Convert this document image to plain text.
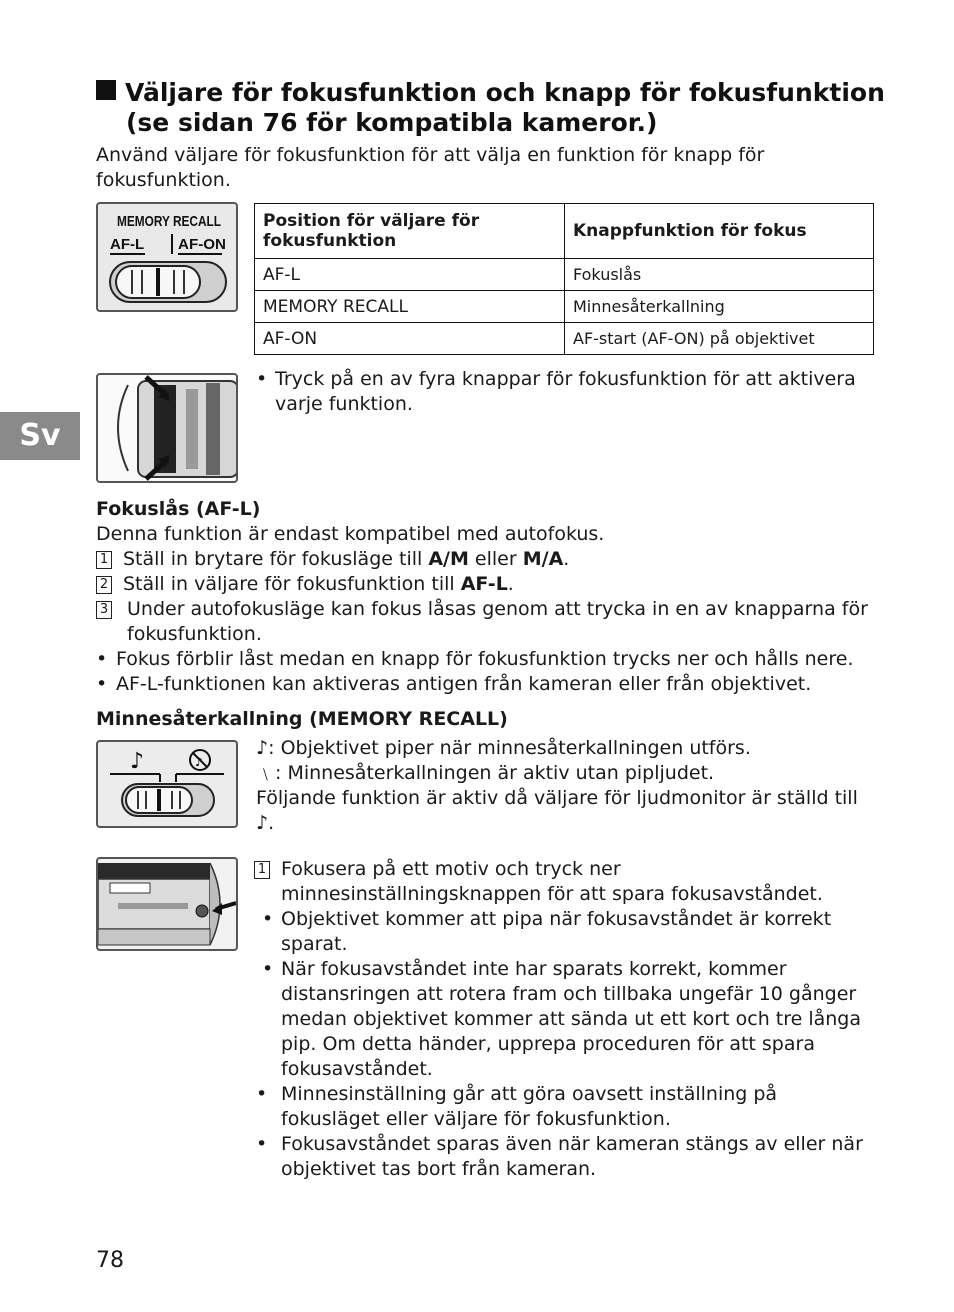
Väljare för fokusfunktion och knapp för fokusfunktion
(se sidan 76 för kompatibla kameror.)
Använd väljare för fokusfunktion för att välja en funktion för knapp för fokusfunktion.
Sv
MEMORY RECALL
AF-L AF-ON
Position för väljare för fokusfunktion	Knappfunktion för fokus
AF-L	Fokuslås
MEMORY RECALL	Minnesåterkallning
AF-ON	AF-start (AF-ON) på objektivet
• Tryck på en av fyra knappar för fokusfunktion för att aktivera varje funktion.
Fokuslås (AF-L)
Denna funktion är endast kompatibel med autofokus.
1 Ställ in brytare för fokusläge till A/M eller M/A.
2 Ställ in väljare för fokusfunktion till AF-L.
3 Under autofokusläge kan fokus låsas genom att trycka in en av knapparna för fokusfunktion.
• Fokus förblir låst medan en knapp för fokusfunktion trycks ner och hålls nere.
• AF-L-funktionen kan aktiveras antigen från kameran eller från objektivet.
Minnesåterkallning (MEMORY RECALL)
♪	♪
♪: Objektivet piper när minnesåterkallningen utförs.
﹨: Minnesåterkallningen är aktiv utan pipljudet.
Följande funktion är aktiv då väljare för ljudmonitor är ställd till ♪.
1 Fokusera på ett motiv och tryck ner minnesinställningsknappen för att spara fokusavståndet.
• Objektivet kommer att pipa när fokusavståndet är korrekt sparat.
• När fokusavståndet inte har sparats korrekt, kommer distansringen att rotera fram och tillbaka ungefär 10 gånger medan objektivet kommer att sända ut ett kort och tre långa pip. Om detta händer, upprepa proceduren för att spara fokusavståndet.
• Minnesinställning går att göra oavsett inställning på fokusläget eller väljare för fokusfunktion.
• Fokusavståndet sparas även när kameran stängs av eller när objektivet tas bort från kameran.
78
